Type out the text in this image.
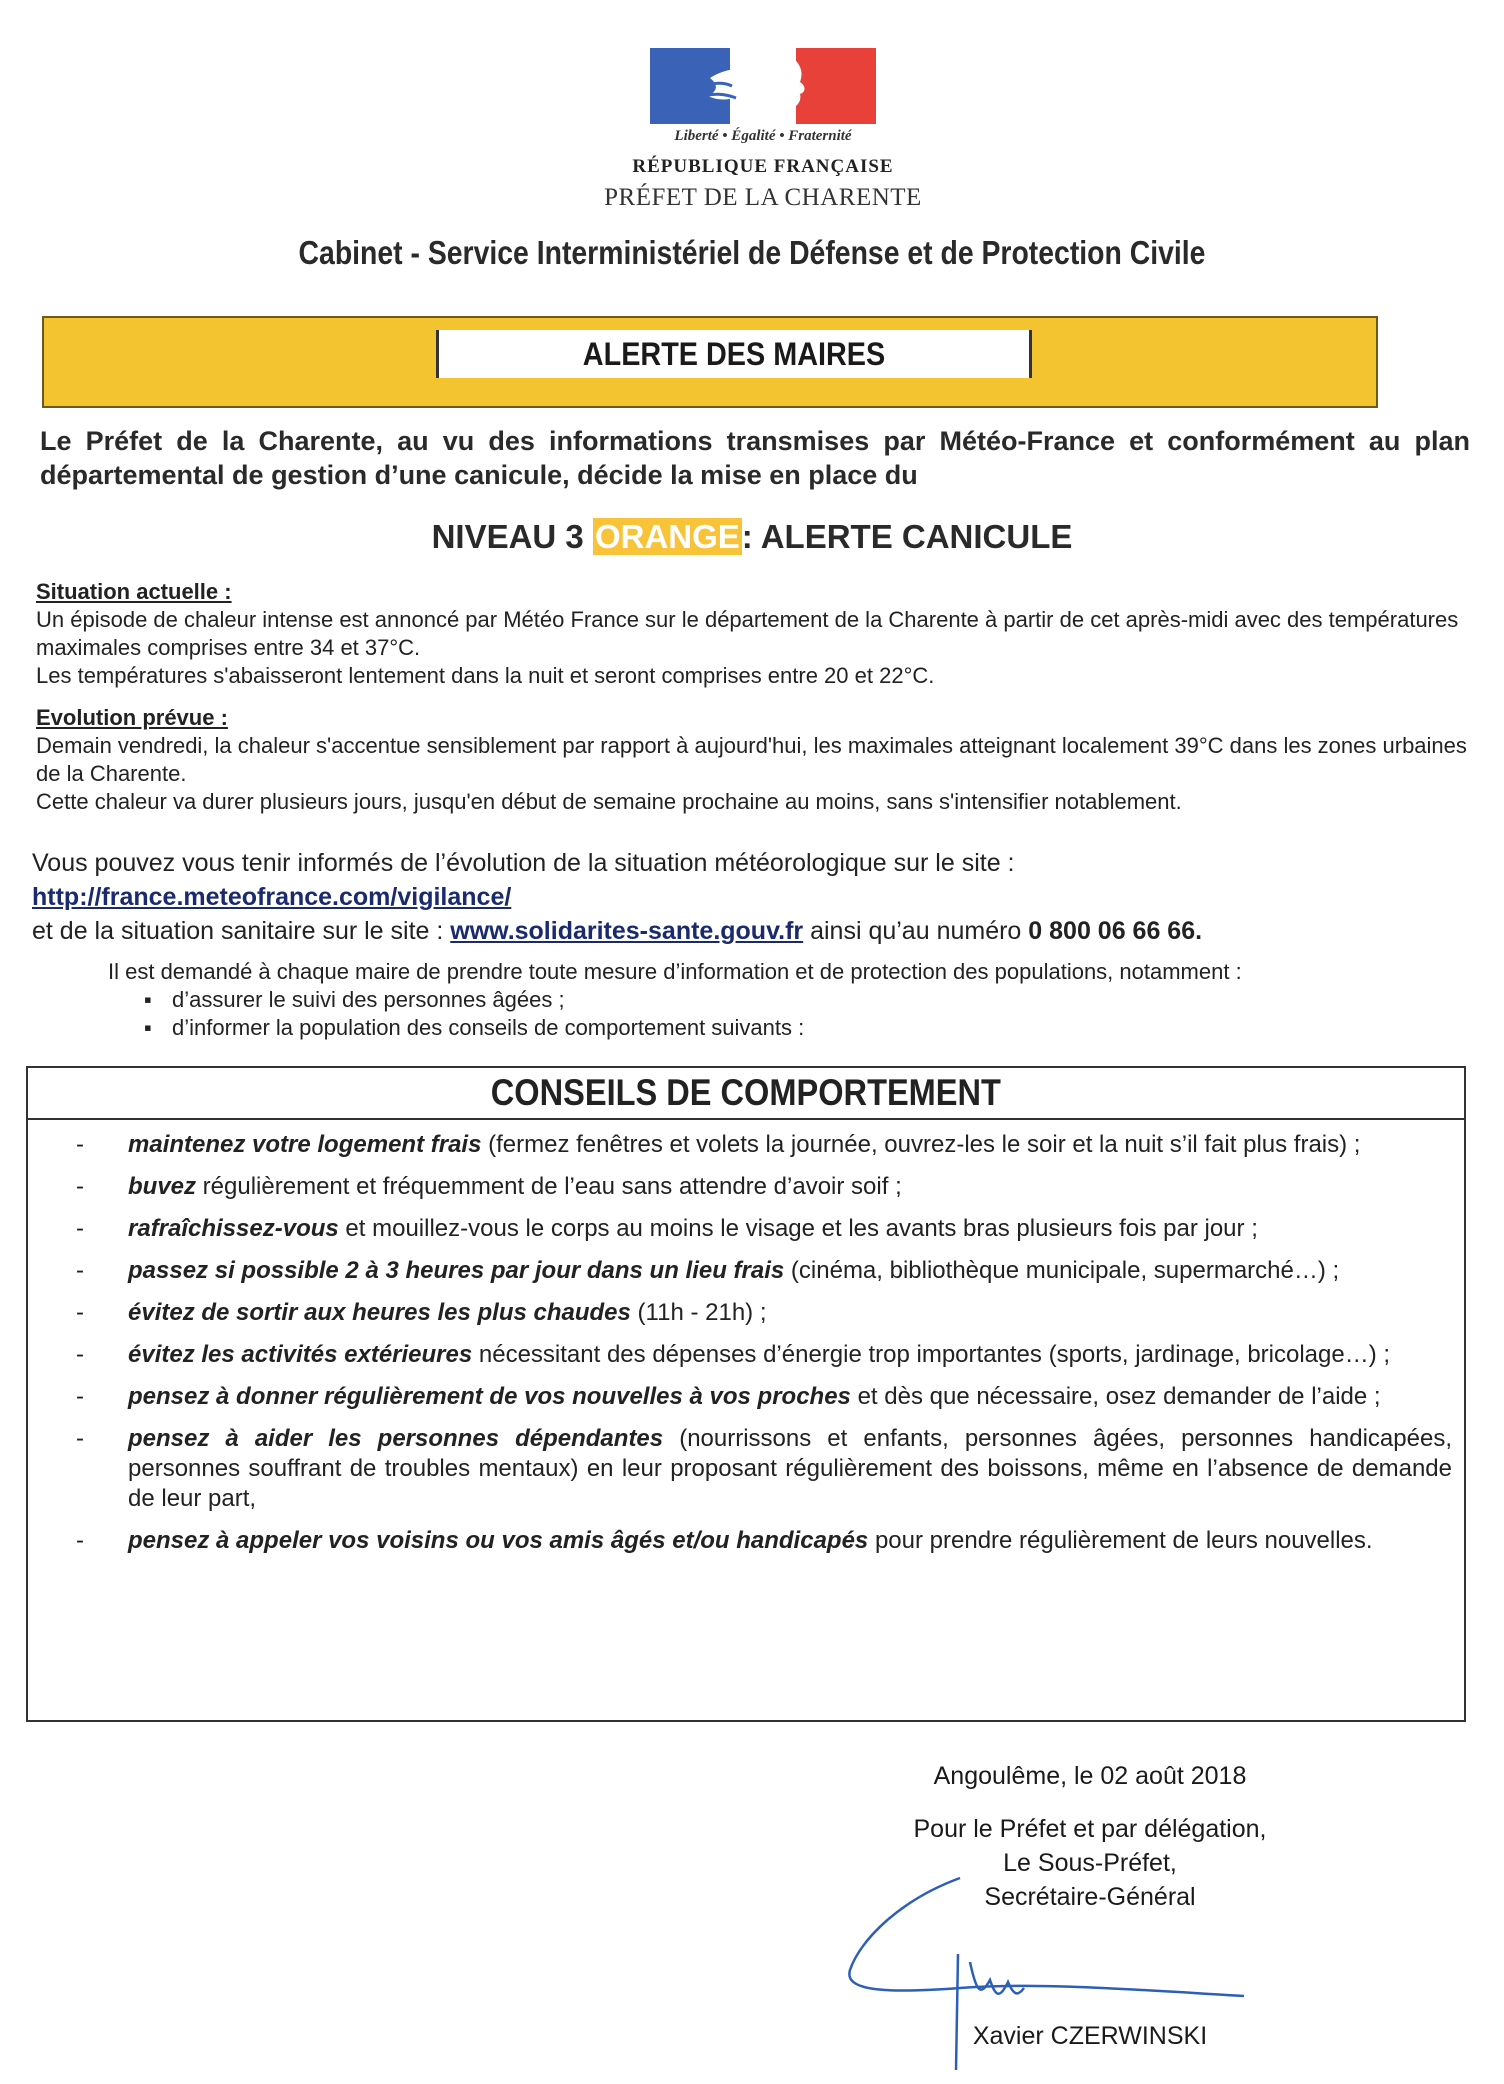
Liberté • Égalité • Fraternité
RÉPUBLIQUE FRANÇAISE
PRÉFET DE LA CHARENTE
Cabinet - Service Interministériel de Défense et de Protection Civile
ALERTE DES MAIRES
Le Préfet de la Charente, au vu des informations transmises par Météo-France et conformément au plan départemental de gestion d’une canicule, décide la mise en place du
NIVEAU 3 ORANGE: ALERTE CANICULE
Situation actuelle :
Un épisode de chaleur intense est annoncé par Météo France sur le département de la Charente à partir de cet après-midi avec des températures maximales comprises entre 34 et 37°C.
Les températures s'abaisseront lentement dans la nuit et seront comprises entre 20 et 22°C.
Evolution prévue :
Demain vendredi, la chaleur s'accentue sensiblement par rapport à aujourd'hui, les maximales atteignant localement 39°C dans les zones urbaines de la Charente.
Cette chaleur va durer plusieurs jours, jusqu'en début de semaine prochaine au moins, sans s'intensifier notablement.
Vous pouvez vous tenir informés de l’évolution de la situation météorologique sur le site : http://france.meteofrance.com/vigilance/
et de la situation sanitaire sur le site : www.solidarites-sante.gouv.fr ainsi qu’au numéro 0 800 06 66 66.
Il est demandé à chaque maire de prendre toute mesure d’information et de protection des populations, notamment :
▪ d’assurer le suivi des personnes âgées ;
▪ d’informer la population des conseils de comportement suivants :
CONSEILS DE COMPORTEMENT
-	maintenez votre logement frais (fermez fenêtres et volets la journée, ouvrez-les le soir et la nuit s’il fait plus frais) ;
-	buvez régulièrement et fréquemment de l’eau sans attendre d’avoir soif ;
-	rafraîchissez-vous et mouillez-vous le corps au moins le visage et les avants bras plusieurs fois par jour ;
-	passez si possible 2 à 3 heures par jour dans un lieu frais (cinéma, bibliothèque municipale, supermarché…) ;
-	évitez de sortir aux heures les plus chaudes (11h - 21h) ;
-	évitez les activités extérieures nécessitant des dépenses d’énergie trop importantes (sports, jardinage, bricolage…) ;
-	pensez à donner régulièrement de vos nouvelles à vos proches et dès que nécessaire, osez demander de l’aide ;
-	pensez à aider les personnes dépendantes (nourrissons et enfants, personnes âgées, personnes handicapées, personnes souffrant de troubles mentaux) en leur proposant régulièrement des boissons, même en l’absence de demande de leur part,
-	pensez à appeler vos voisins ou vos amis âgés et/ou handicapés pour prendre régulièrement de leurs nouvelles.
Angoulême, le 02 août 2018
Pour le Préfet et par délégation,
Le Sous-Préfet,
Secrétaire-Général
Xavier CZERWINSKI
